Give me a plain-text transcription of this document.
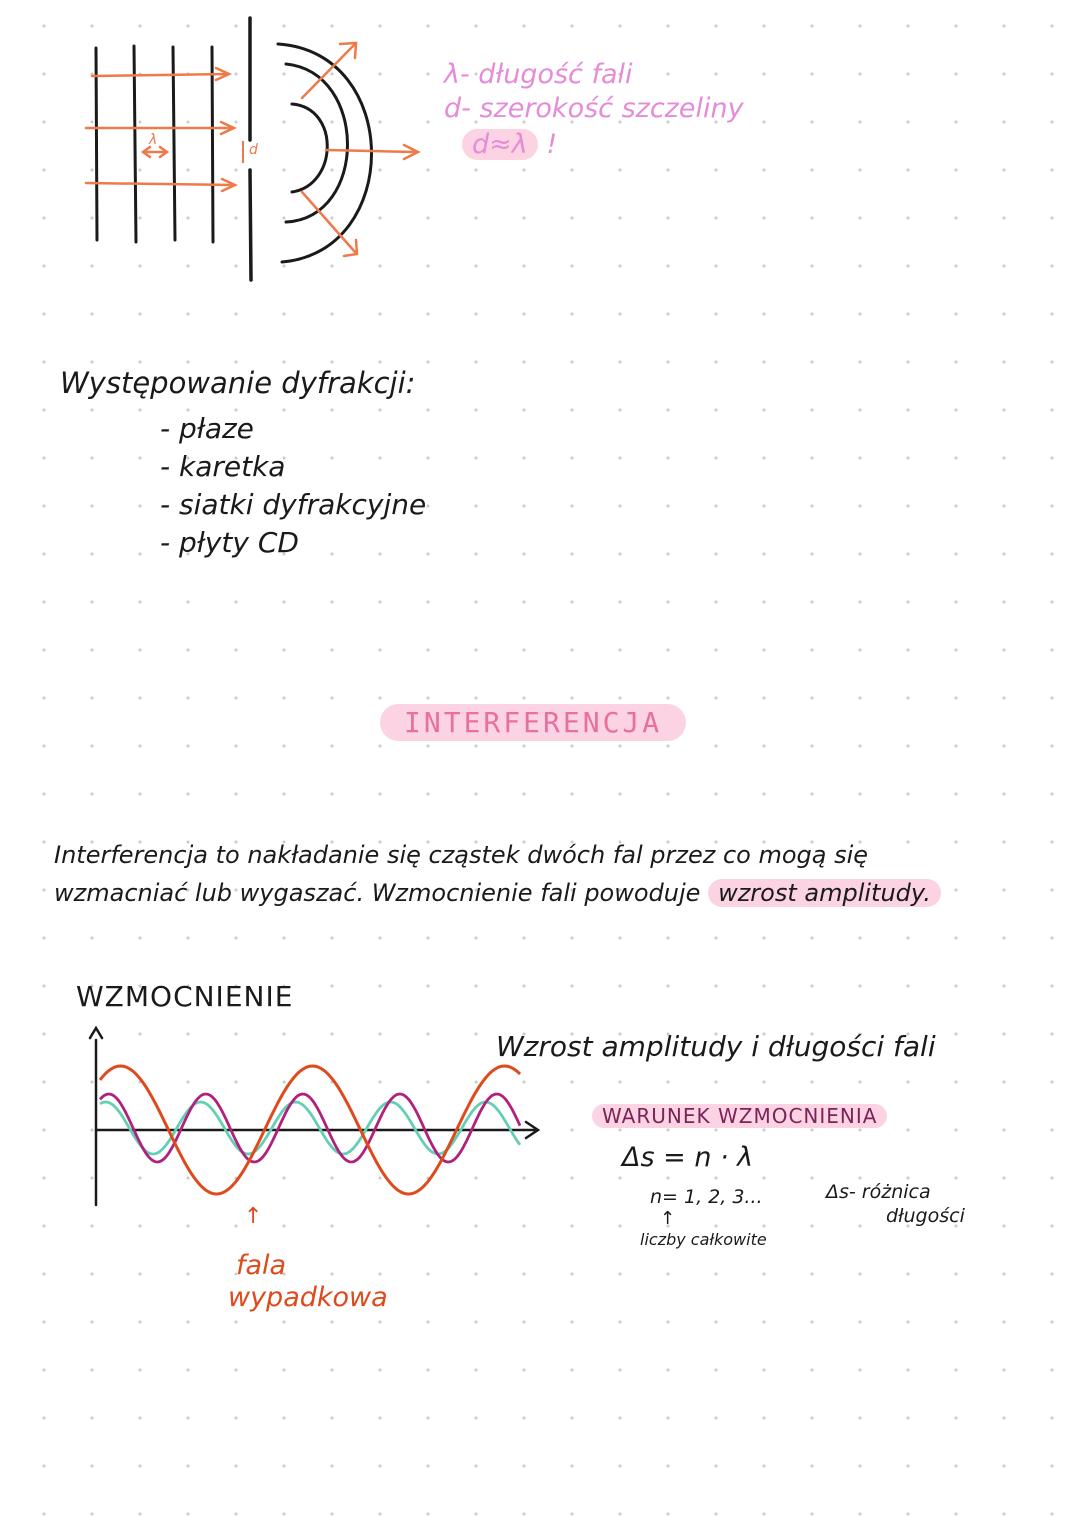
λ
d
λ- długość fali
d- szerokość szczeliny
d≈λ !
Występowanie dyfrakcji:
- płaze
- karetka
- siatki dyfrakcyjne
- płyty CD
INTERFERENCJA
Interferencja to nakładanie się cząstek dwóch fal przez co mogą się
wzmacniać lub wygaszać. Wzmocnienie fali powoduje wzrost amplitudy.
WZMOCNIENIE
Wzrost amplitudy i długości fali
WARUNEK WZMOCNIENIA
Δs = n · λ
n= 1, 2, 3...
↑
liczby całkowite
Δs- różnica
długości
↑
fala
wypadkowa
